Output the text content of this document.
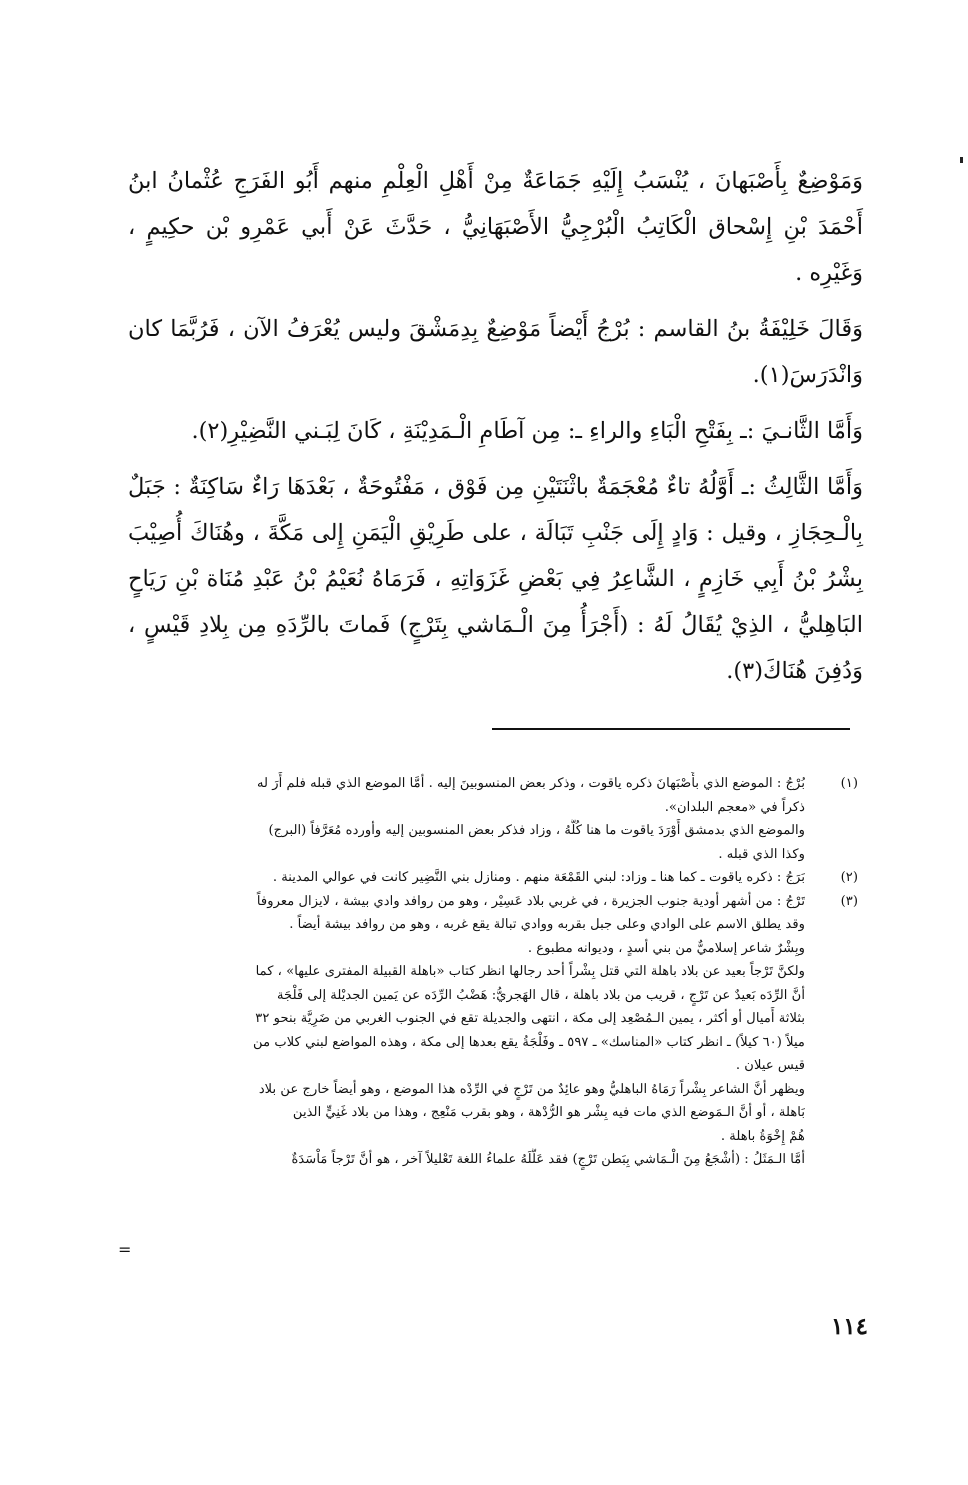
وَمَوْضِعٌ بِأَصْبَهانَ ، يُنْسَبُ إِلَيْهِ جَمَاعَةٌ مِنْ أَهْلِ الْعِلْمِ منهم أَبُو الفَرَجِ عُثْمانُ ابنُ أَحْمَدَ بْنِ إِسْحاق الْكَاتِبُ الْبُرْجِيُّ الأَصْبَهَانِيُّ ، حَدَّثَ عَنْ أَبي عَمْرِو بْن حكِيمٍ ، وَغَيْرِه .

وَقَالَ خَلِيْفَةُ بنُ القاسم : بُرْجُ أَيْضاً مَوْضِعٌ بِدِمَشْقَ وليس يُعْرَفُ الآن ، فَرُبَّمَا كان وَانْدَرَسَ(١).

وَأَمَّا الثَّانـيَ :ـ بِفَتْحِ الْبَاءِ والراءِ ـ: مِن آطَامِ الْـمَدِيْنَةِ ، كَانَ لِبَـني النَّضِيْرِ(٢).

وَأَمَّا الثَّالِثُ :ـ أَوَّلُهُ تاءٌ مُعْجَمَةٌ باثْنَتَيْنِ مِن فَوْق ، مَفْتُوحَةٌ ، بَعْدَهَا رَاءٌ سَاكِنَةٌ : جَبَلٌ بِالْـحِجَازِ ، وقيل : وَادٍ إِلَى جَنْبِ تَبَالَة ، على طَرِيْقِ الْيَمَنِ إِلى مَكَّةَ ، وهُنَاكَ أُصِيْبَ بِشْرُ بْنُ أَبِي خَازِمٍ ، الشَّاعِرُ فِي بَعْضِ غَزَوَاتِهِ ، فَرَمَاهُ نُعَيْمُ بْنُ عَبْدِ مُنَاة بْنِ رَيَاحٍ البَاهِليُّ ، الذِيْ يُقَالُ لَهُ : (أَجْرَأُ مِنَ الْـمَاشي بِتَرْجٍ) فَماتَ بالرِّدَهِ مِن بِلادِ قَيْسٍ ، وَدُفِنَ هُنَاكَ(٣).

(١)
بُرْجُ : الموضع الذي بأَصْبَهانَ ذكره ياقوت ، وذكر بعض المنسوبينَ إليه . أمَّا الموضع الذي قبله فلم أَرَ له
ذكراً في «معجم البلدان».
والموضع الذي بدمشق أَوْرَدَ ياقوت ما هنا كُلَّهُ ، وزاد فذكر بعض المنسوبين إليه وأورده مُعَرَّفاً (البرج)
وكذا الذي قبله .
(٢)
بَرَجُ : ذكره ياقوت ـ كما هنا ـ وزاد: لبني القَمْعَة منهم . ومنازل بني النَّضِير كانت في عوالي المدينة .
(٣)
تَرْجُ : من أشهر أودية جنوب الجزيرة ، في غربي بلاد عَسِيْر ، وهو من روافد وادي بيشة ، لايزال معروفاً
وقد يطلق الاسم على الوادي وعلى جبل بقربه ووادي تبالة يقع غربه ، وهو من روافد بيشة أيضاً .
وبِشْرٌ شاعر إسلاميٌّ من بني أسدٍ ، وديوانه مطبوع .
ولكنَّ تَرْجاً بعيد عن بلاد باهلة التي قتل بِشْراً أحد رجالها انظر كتاب «باهلة القبيلة المفترى عليها» ، كما
أنَّ الرِّدَه بَعيدٌ عن تَرْجٍ ، قريب من بلاد باهلة ، قال الهَجريُّ: هَضْبُ الرِّدَه عن يَمين الجديْلة إلى فَلْجَة
بثلاثة أَميال أو أكثر ، يمين الـمُصْعِد إلى مكة ، انتهى والجديلة تقع في الجنوب الغربي من ضَرِيَّة بنحو ٣٢
ميلاً (٦٠ كيلاً) ـ انظر كتاب «المناسك» ـ ٥٩٧ ـ وفَلْجَةُ يقع بعدها إلى مكة ، وهذه المواضع لبني كلاب من
قيس عيلان .
ويظهر أنَّ الشاعر بِشْراً رَمَاهُ الباهليُّ وهو عائِدٌ من تَرْجٍ في الرِّدْه هذا الموضع ، وهو أيضاً خارج عن بلاد
بَاهلة ، أو أنَّ الـمَوضع الذي مات فيه بِشْر هو الرُّدْهة ، وهو بقرب مَنْعِج ، وهذا من بلاد غَنِيٍّ الذين
هُمْ إِخْوَةُ باهلة .
أمَّا الـمَثَلُ : (أشْجَعُ مِنَ الْـمَاشي بِبَطن تَرْجٍ) فقد عَلَّلَهُ علماءُ اللغة تَعْليلاً آخر ، هو أنَّ تَرْجاً مَاْسَدَةٌ
=
١١٤
